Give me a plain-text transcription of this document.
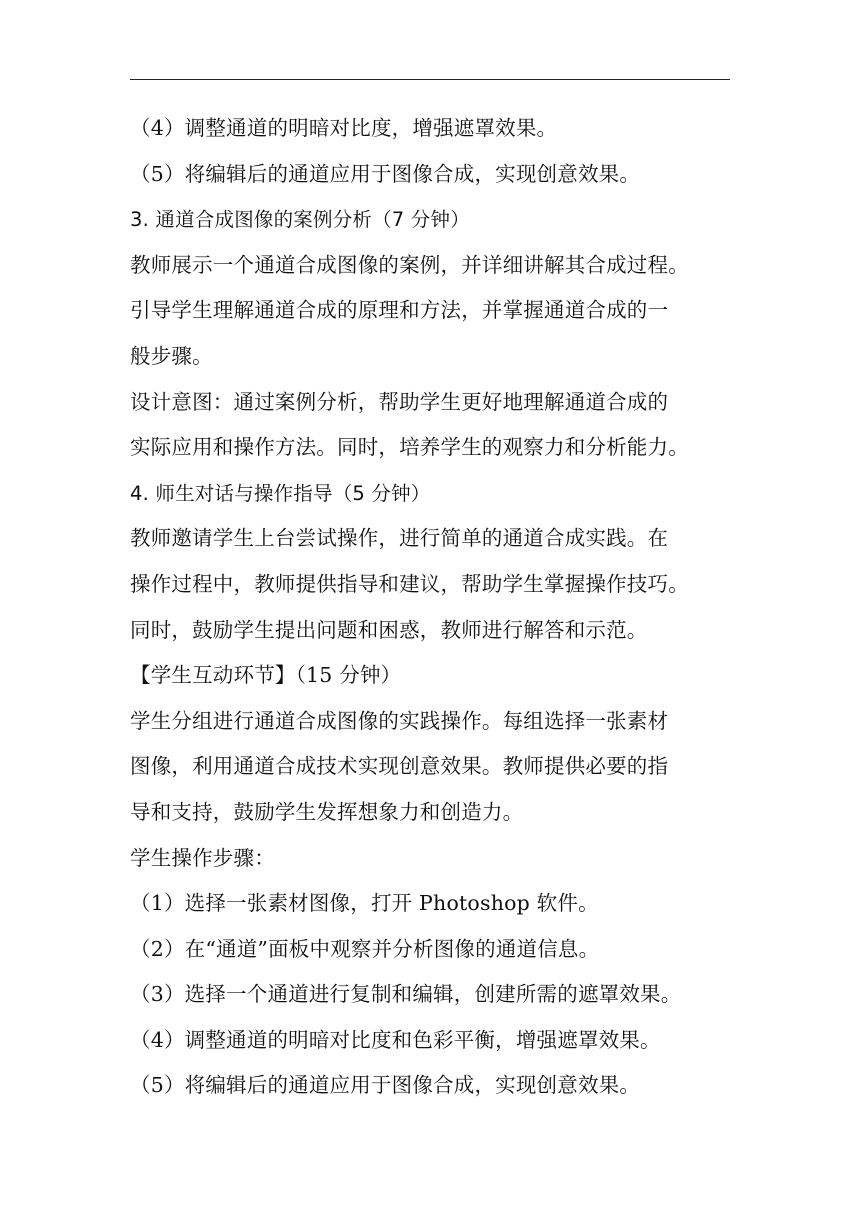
（4）调整通道的明暗对比度，增强遮罩效果。
（5）将编辑后的通道应用于图像合成，实现创意效果。
3. 通道合成图像的案例分析（7 分钟）
教师展示一个通道合成图像的案例，并详细讲解其合成过程。
引导学生理解通道合成的原理和方法，并掌握通道合成的一
般步骤。
设计意图：通过案例分析，帮助学生更好地理解通道合成的
实际应用和操作方法。同时，培养学生的观察力和分析能力。
4. 师生对话与操作指导（5 分钟）
教师邀请学生上台尝试操作，进行简单的通道合成实践。在
操作过程中，教师提供指导和建议，帮助学生掌握操作技巧。
同时，鼓励学生提出问题和困惑，教师进行解答和示范。
【学生互动环节】（15 分钟）
学生分组进行通道合成图像的实践操作。每组选择一张素材
图像，利用通道合成技术实现创意效果。教师提供必要的指
导和支持，鼓励学生发挥想象力和创造力。
学生操作步骤：
（1）选择一张素材图像，打开 Photoshop 软件。
（2）在“通道”面板中观察并分析图像的通道信息。
（3）选择一个通道进行复制和编辑，创建所需的遮罩效果。
（4）调整通道的明暗对比度和色彩平衡，增强遮罩效果。
（5）将编辑后的通道应用于图像合成，实现创意效果。
